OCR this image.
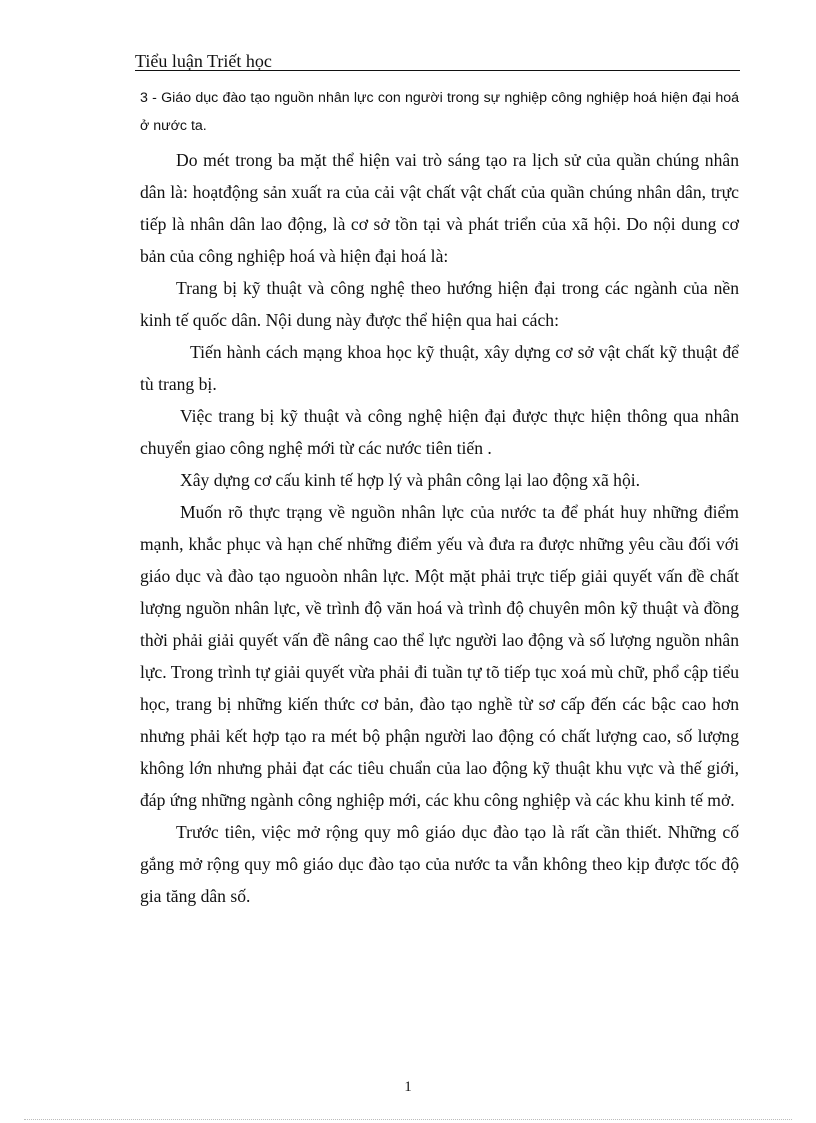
Tiểu luận Triết học

3 - Giáo dục đào tạo nguồn nhân lực con người trong sự nghiệp công nghiệp hoá hiện đại hoá ở nước ta.

Do mét trong ba mặt thể hiện vai trò sáng tạo ra lịch sử của quần chúng nhân dân là: hoạtđộng sản xuất ra của cải vật chất vật chất của quần chúng nhân dân, trực tiếp là nhân dân lao động, là cơ sở tồn tại và phát triển của xã hội. Do nội dung cơ bản của công nghiệp hoá và hiện đại hoá là:

Trang bị kỹ thuật và công nghệ theo hướng hiện đại trong các ngành của nền kinh tế quốc dân. Nội dung này được thể hiện qua hai cách:

Tiến hành cách mạng khoa học kỹ thuật, xây dựng cơ sở vật chất kỹ thuật để tù trang bị.

Việc trang bị kỹ thuật và công nghệ hiện đại được thực hiện thông qua nhân chuyển giao công nghệ mới từ các nước tiên tiến .

Xây dựng cơ cấu kinh tế hợp lý và phân công lại lao động xã hội.

Muốn rõ thực trạng về nguồn nhân lực của nước ta để phát huy những điểm mạnh, khắc phục và hạn chế những điểm yếu và đưa ra được những yêu cầu đối với giáo dục và đào tạo nguoòn nhân lực. Một mặt phải trực tiếp giải quyết vấn đề chất lượng nguồn nhân lực, về trình độ văn hoá và trình độ chuyên môn kỹ thuật và đồng thời phải giải quyết vấn đề nâng cao thể lực người lao động và số lượng nguồn nhân lực. Trong trình tự giải quyết vừa phải đi tuần tự tõ tiếp tục xoá mù chữ, phổ cập tiểu học, trang bị những kiến thức cơ bản, đào tạo nghề từ sơ cấp đến các bậc cao hơn nhưng phải kết hợp tạo ra mét bộ phận người lao động có chất lượng cao, số lượng không lớn nhưng phải đạt các tiêu chuẩn của lao động kỹ thuật khu vực và thế giới, đáp ứng những ngành công nghiệp mới, các khu công nghiệp và các khu kinh tế mở.

Trước tiên, việc mở rộng quy mô giáo dục đào tạo là rất cần thiết. Những cố gắng mở rộng quy mô giáo dục đào tạo của nước ta vẫn không theo kịp được tốc độ gia tăng dân số.

1
